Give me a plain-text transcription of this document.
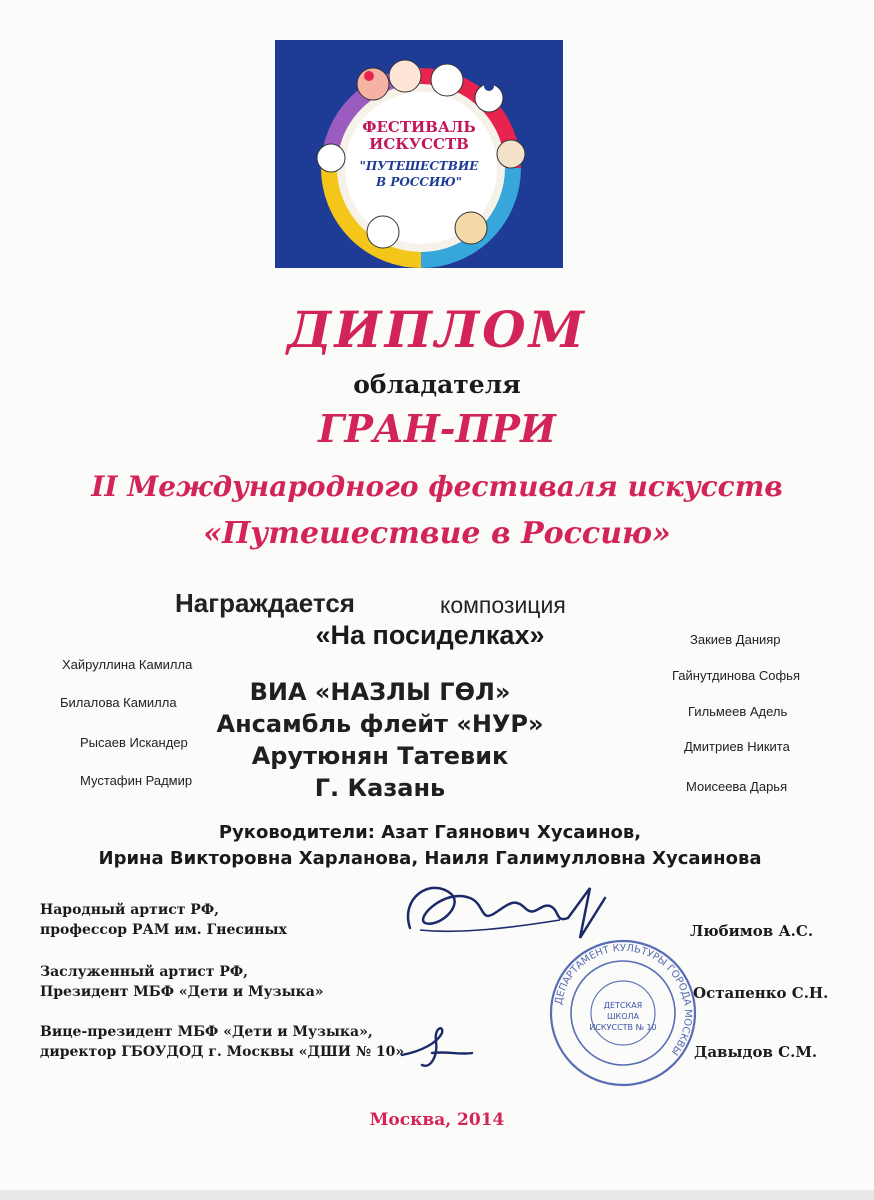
ФЕСТИВАЛЬ
ИСКУССТВ
"ПУТЕШЕСТВИЕ
В РОССИЮ"
ДИПЛОМ
обладателя
ГРАН-ПРИ
II Международного фестиваля искусств
«Путешествие в Россию»
Награждается	композиция
«На посиделках»
ВИА «НАЗЛЫ ГӨЛ»
Ансамбль флейт «НУР»
Арутюнян Татевик
Г. Казань
Хайруллина Камилла
Билалова Камилла
Рысаев Искандер
Мустафин Радмир
Закиев Данияр
Гайнутдинова Софья
Гильмеев Адель
Дмитриев Никита
Моисеева Дарья
Руководители: Азат Гаянович Хусаинов,
Ирина Викторовна Харланова, Наиля Галимулловна Хусаинова
Народный артист РФ,
профессор РАМ им. Гнесиных	Любимов А.С.
Заслуженный артист РФ,
Президент МБФ «Дети и Музыка»	Остапенко С.Н.
Вице-президент МБФ «Дети и Музыка»,
директор ГБОУДОД г. Москвы «ДШИ № 10»	Давыдов С.М.
ДЕПАРТАМЕНТ КУЛЬТУРЫ ГОРОДА МОСКВЫ
ДЕТСКАЯ ШКОЛА
ИСКУССТВ № 10
Москва, 2014
